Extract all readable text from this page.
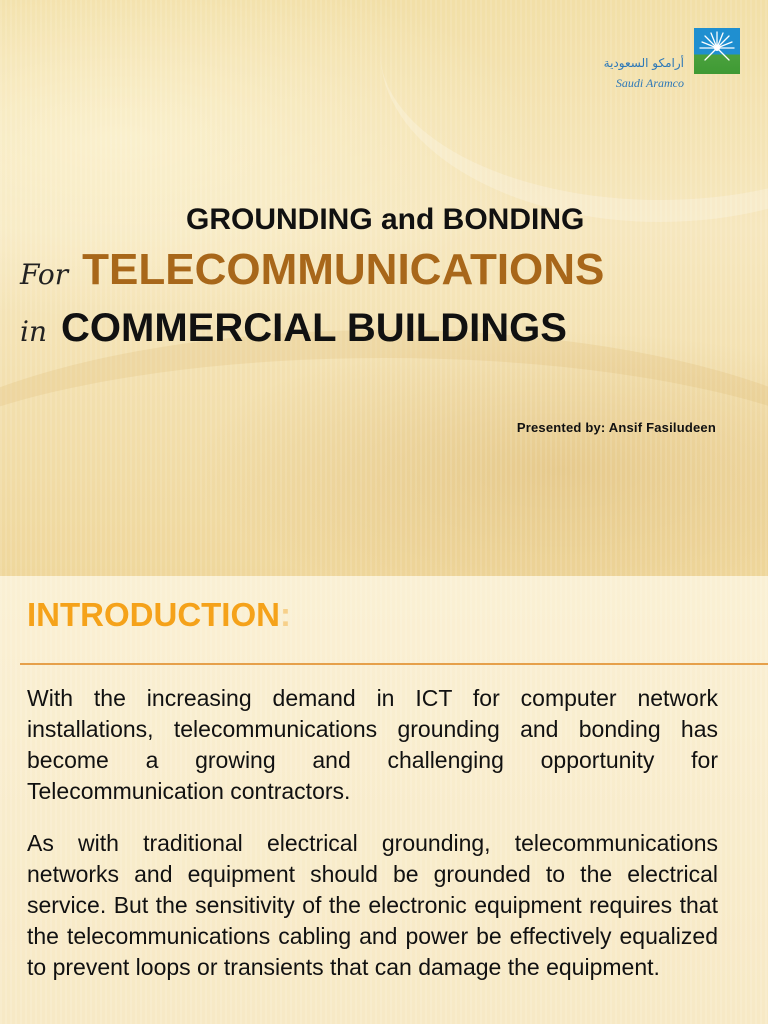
أرامكو السعودية
Saudi Aramco
GROUNDING and BONDING
For TELECOMMUNICATIONS
in COMMERCIAL BUILDINGS
Presented by: Ansif Fasiludeen
INTRODUCTION:

With the increasing demand in ICT for computer network installations, telecommunications grounding and bonding has become a growing and challenging opportunity for Telecommunication contractors.

As with traditional electrical grounding, telecommunications networks and equipment should be grounded to the electrical service. But the sensitivity of the electronic equipment requires that the telecommunications cabling and power be effectively equalized to prevent loops or transients that can damage the equipment.
